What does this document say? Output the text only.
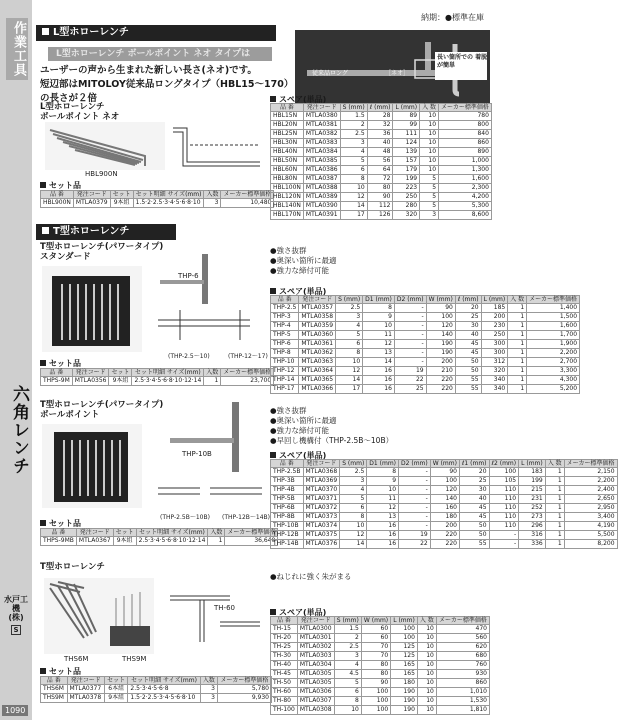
作業工具
六角レンチ
水戸工機
(株)
S
1090
納期：●標準在庫
L型ホローレンチ
L型ホローレンチ ボールポイント ネオ タイプは
ユーザーの声から生まれた新しい長さ(ネオ)です。
短辺部はMITOLOY従来品ロングタイプ（HBL15～170）
の長さが２倍
従来品ロング	［ネオ］
長い箇所での 着脱が簡単
L型ホローレンチ
ボールポイント ネオ
HBL900N
セット品
品 番	発注コード	セット	セット明細 サイズ(mm)	入数	メーカー標準価格
HBL900N	MTLA0379	9本組	1.5·2·2.5·3·4·5·6·8·10	3	10,480
スペア(単品)
品 番	発注コード	S (mm)	ℓ (mm)	L (mm)	入 数	メーカー標準価格
HBL15N	MTLA0380	1.5	28	89	10	780
HBL20N	MTLA0381	2	32	99	10	800
HBL25N	MTLA0382	2.5	36	111	10	840
HBL30N	MTLA0383	3	40	124	10	860
HBL40N	MTLA0384	4	48	139	10	890
HBL50N	MTLA0385	5	56	157	10	1,000
HBL60N	MTLA0386	6	64	179	10	1,300
HBL80N	MTLA0387	8	72	199	5	1,600
HBL100N	MTLA0388	10	80	223	5	2,300
HBL120N	MTLA0389	12	90	250	5	4,200
HBL140N	MTLA0390	14	112	280	5	5,300
HBL170N	MTLA0391	17	126	320	3	8,600
T型ホローレンチ
T型ホローレンチ(パワータイプ)
スタンダード
THP-6
(THP-2.5～10)	(THP-12～17)
●強さ抜群
●奥深い箇所に最適
●強力な締付可能
セット品
品 番	発注コード	セット	セット明細 サイズ(mm)	入数	メーカー標準価格
THPS-9M	MTLA0356	9本組	2.5·3·4·5·6·8·10·12·14	1	23,700
スペア(単品)
品 番	発注コード	S (mm)	D1 (mm)	D2 (mm)	W (mm)	ℓ (mm)	L (mm)	入 数	メーカー標準価格
THP-2.5	MTLA0357	2.5	8	-	90	20	185	1	1,400
THP-3	MTLA0358	3	9	-	100	25	200	1	1,500
THP-4	MTLA0359	4	10	-	120	30	230	1	1,600
THP-5	MTLA0360	5	11	-	140	40	250	1	1,700
THP-6	MTLA0361	6	12	-	190	45	300	1	1,900
THP-8	MTLA0362	8	13	-	190	45	300	1	2,200
THP-10	MTLA0363	10	14	-	200	50	312	1	2,700
THP-12	MTLA0364	12	16	19	210	50	320	1	3,300
THP-14	MTLA0365	14	16	22	220	55	340	1	4,300
THP-17	MTLA0366	17	16	25	220	55	340	1	5,200
T型ホローレンチ(パワータイプ)
ボールポイント
THP-10B
(THP-2.5B～10B) (THP-12B～14B)
●強さ抜群
●奥深い箇所に最適
●強力な締付可能
●早回し機構付（THP-2.5B～10B）
セット品
品 番	発注コード	セット	セット明細 サイズ(mm)	入数	メーカー標準価格
THPS-9MB	MTLA0367	9本組	2.5·3·4·5·6·8·10·12·14	1	36,640
スペア(単品)
品 番	発注コード	S (mm)	D1 (mm)	D2 (mm)	W (mm)	ℓ1 (mm)	ℓ2 (mm)	L (mm)	入 数	メーカー標準価格
THP-2.5B	MTLA0368	2.5	8	-	90	20	100	183	1	2,150
THP-3B	MTLA0369	3	9	-	100	25	105	199	1	2,200
THP-4B	MTLA0370	4	10	-	120	30	110	215	1	2,400
THP-5B	MTLA0371	5	11	-	140	40	110	231	1	2,650
THP-6B	MTLA0372	6	12	-	160	45	110	252	1	2,950
THP-8B	MTLA0373	8	13	-	180	45	110	273	1	3,400
THP-10B	MTLA0374	10	16	-	200	50	110	296	1	4,190
THP-12B	MTLA0375	12	16	19	220	50	-	316	1	5,500
THP-14B	MTLA0376	14	16	22	220	55	-	336	1	8,200
T型ホローレンチ
THS6M	THS9M
TH-60
●ねじれに強く朱がまる
セット品
品 番	発注コード	セット	セット明細 サイズ(mm)	入数	メーカー標準価格
THS6M	MTLA0377	6本組	2.5·3·4·5·6·8	3	5,780
THS9M	MTLA0378	9本組	1.5·2·2.5·3·4·5·6·8·10	3	9,930
スペア(単品)
品 番	発注コード	S (mm)	W (mm)	L (mm)	入 数	メーカー標準価格
TH-15	MTLA0300	1.5	60	100	10	470
TH-20	MTLA0301	2	60	100	10	560
TH-25	MTLA0302	2.5	70	125	10	620
TH-30	MTLA0303	3	70	125	10	680
TH-40	MTLA0304	4	80	165	10	760
TH-45	MTLA0305	4.5	80	165	10	930
TH-50	MTLA0305	5	90	180	10	860
TH-60	MTLA0306	6	100	190	10	1,010
TH-80	MTLA0307	8	100	190	10	1,530
TH-100	MTLA0308	10	100	190	10	1,810
